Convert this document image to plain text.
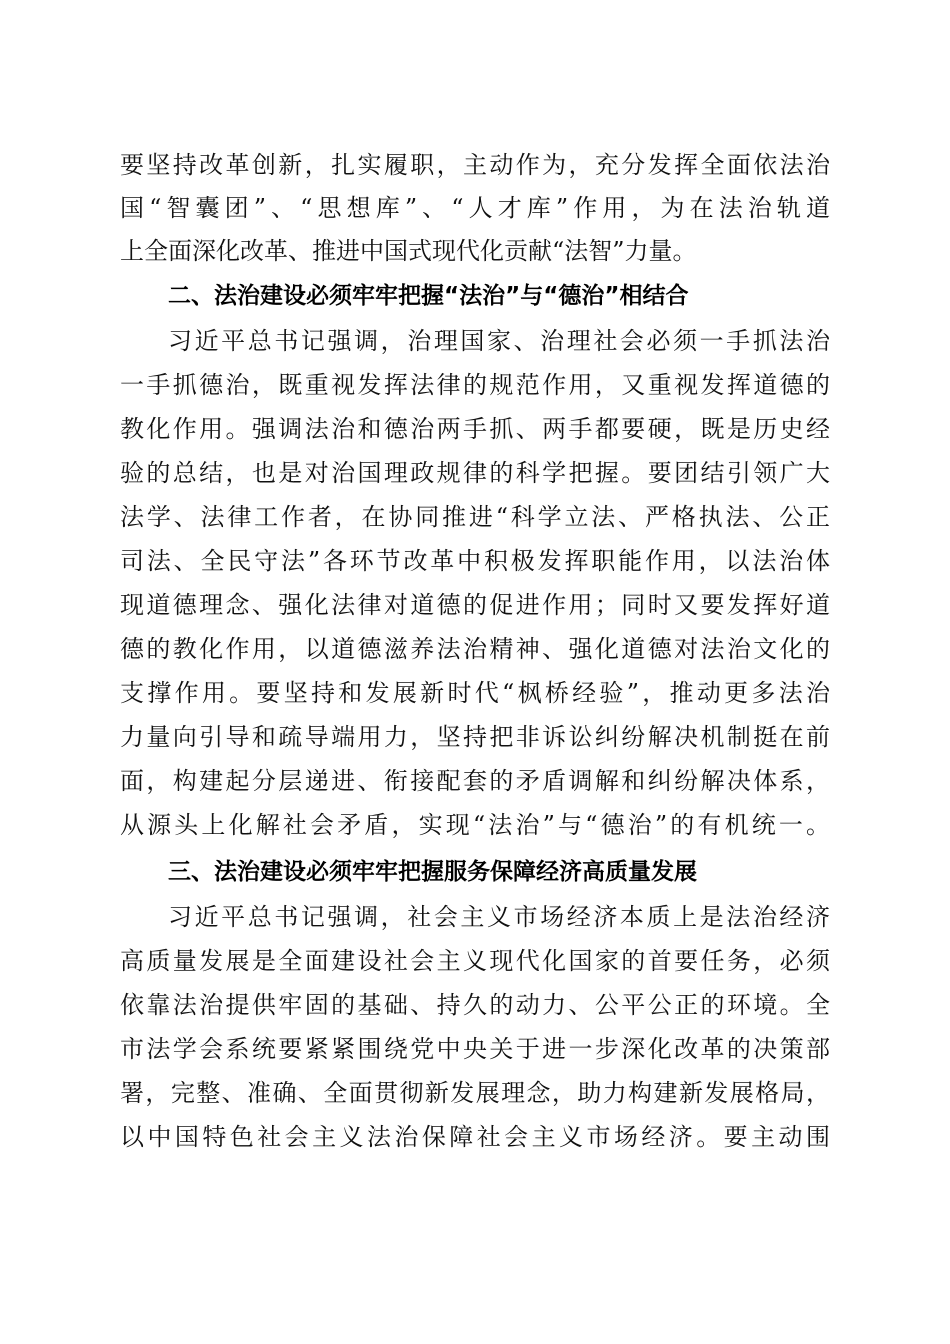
要坚持改革创新，扎实履职，主动作为，充分发挥全面依法治
国“智囊团”、“思想库”、“人才库”作用，为在法治轨道
上全面深化改革、推进中国式现代化贡献“法智”力量。
二、法治建设必须牢牢把握“法治”与“德治”相结合
习近平总书记强调，治理国家、治理社会必须一手抓法治
一手抓德治，既重视发挥法律的规范作用，又重视发挥道德的
教化作用。强调法治和德治两手抓、两手都要硬，既是历史经
验的总结，也是对治国理政规律的科学把握。要团结引领广大
法学、法律工作者，在协同推进“科学立法、严格执法、公正
司法、全民守法”各环节改革中积极发挥职能作用，以法治体
现道德理念、强化法律对道德的促进作用；同时又要发挥好道
德的教化作用，以道德滋养法治精神、强化道德对法治文化的
支撑作用。要坚持和发展新时代“枫桥经验”，推动更多法治
力量向引导和疏导端用力，坚持把非诉讼纠纷解决机制挺在前
面，构建起分层递进、衔接配套的矛盾调解和纠纷解决体系，
从源头上化解社会矛盾，实现“法治”与“德治”的有机统一。
三、法治建设必须牢牢把握服务保障经济高质量发展
习近平总书记强调，社会主义市场经济本质上是法治经济
高质量发展是全面建设社会主义现代化国家的首要任务，必须
依靠法治提供牢固的基础、持久的动力、公平公正的环境。全
市法学会系统要紧紧围绕党中央关于进一步深化改革的决策部
署，完整、准确、全面贯彻新发展理念，助力构建新发展格局，
以中国特色社会主义法治保障社会主义市场经济。要主动围
